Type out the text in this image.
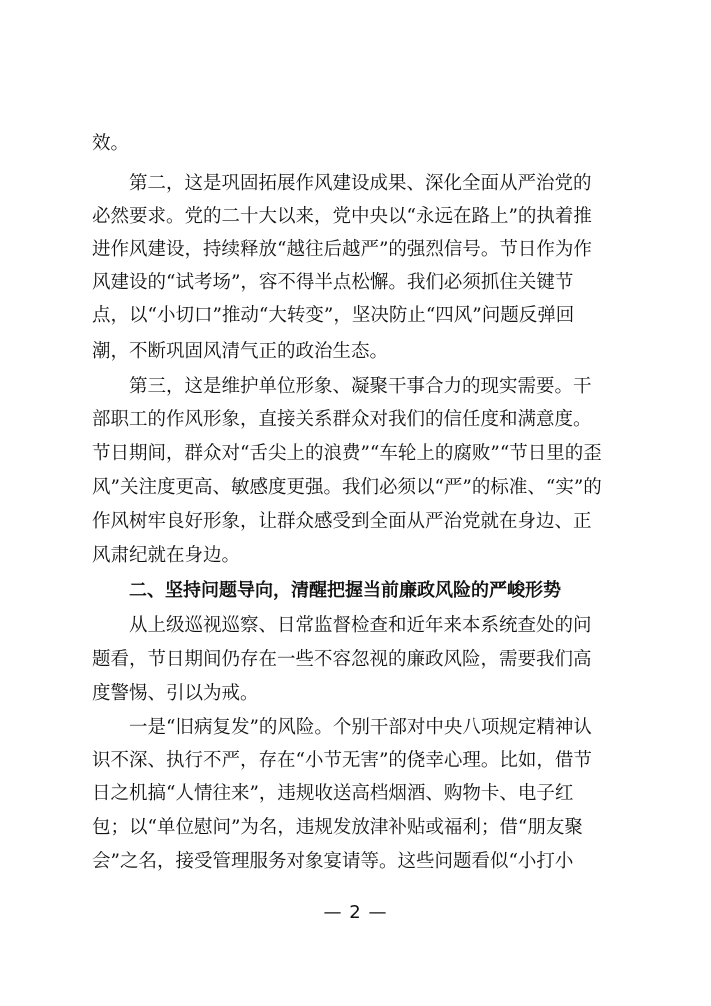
效。
第二，这是巩固拓展作风建设成果、深化全面从严治党的
必然要求。党的二十大以来，党中央以“永远在路上”的执着推
进作风建设，持续释放“越往后越严”的强烈信号。节日作为作
风建设的“试考场”，容不得半点松懈。我们必须抓住关键节
点，以“小切口”推动“大转变”，坚决防止“四风”问题反弹回
潮，不断巩固风清气正的政治生态。
第三，这是维护单位形象、凝聚干事合力的现实需要。干
部职工的作风形象，直接关系群众对我们的信任度和满意度。
节日期间，群众对“舌尖上的浪费”“车轮上的腐败”“节日里的歪
风”关注度更高、敏感度更强。我们必须以“严”的标准、“实”的
作风树牢良好形象，让群众感受到全面从严治党就在身边、正
风肃纪就在身边。
二、坚持问题导向，清醒把握当前廉政风险的严峻形势
从上级巡视巡察、日常监督检查和近年来本系统查处的问
题看，节日期间仍存在一些不容忽视的廉政风险，需要我们高
度警惕、引以为戒。
一是“旧病复发”的风险。个别干部对中央八项规定精神认
识不深、执行不严，存在“小节无害”的侥幸心理。比如，借节
日之机搞“人情往来”，违规收送高档烟酒、购物卡、电子红
包；以“单位慰问”为名，违规发放津补贴或福利；借“朋友聚
会”之名，接受管理服务对象宴请等。这些问题看似“小打小
— 2 —
